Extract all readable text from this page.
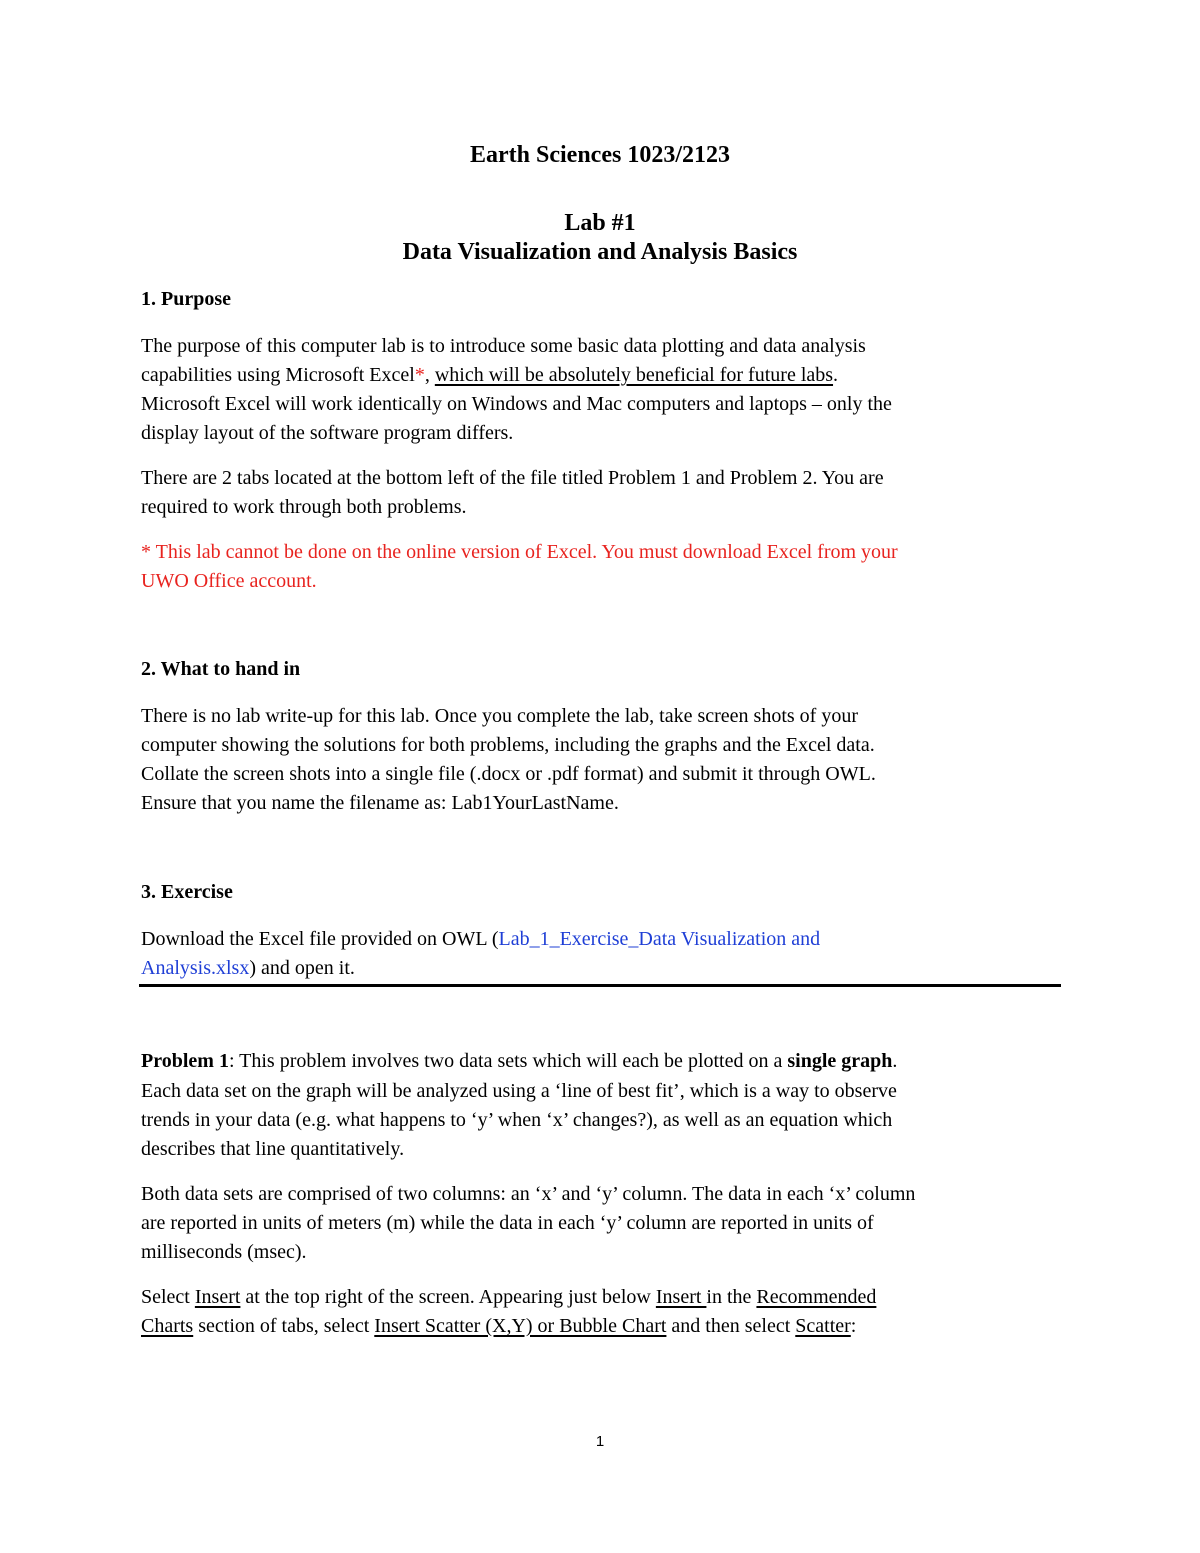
Earth Sciences 1023/2123
Lab #1
Data Visualization and Analysis Basics
1. Purpose
The purpose of this computer lab is to introduce some basic data plotting and data analysis
capabilities using Microsoft Excel*, which will be absolutely beneficial for future labs.
Microsoft Excel will work identically on Windows and Mac computers and laptops – only the
display layout of the software program differs.
There are 2 tabs located at the bottom left of the file titled Problem 1 and Problem 2. You are
required to work through both problems.
* This lab cannot be done on the online version of Excel. You must download Excel from your
UWO Office account.
2. What to hand in
There is no lab write-up for this lab. Once you complete the lab, take screen shots of your
computer showing the solutions for both problems, including the graphs and the Excel data.
Collate the screen shots into a single file (.docx or .pdf format) and submit it through OWL.
Ensure that you name the filename as: Lab1YourLastName.
3. Exercise
Download the Excel file provided on OWL (Lab_1_Exercise_Data Visualization and
Analysis.xlsx) and open it.
Problem 1: This problem involves two data sets which will each be plotted on a single graph.
Each data set on the graph will be analyzed using a ‘line of best fit’, which is a way to observe
trends in your data (e.g. what happens to ‘y’ when ‘x’ changes?), as well as an equation which
describes that line quantitatively.
Both data sets are comprised of two columns: an ‘x’ and ‘y’ column. The data in each ‘x’ column
are reported in units of meters (m) while the data in each ‘y’ column are reported in units of
milliseconds (msec).
Select Insert at the top right of the screen. Appearing just below Insert in the Recommended
Charts section of tabs, select Insert Scatter (X,Y) or Bubble Chart and then select Scatter:
1
